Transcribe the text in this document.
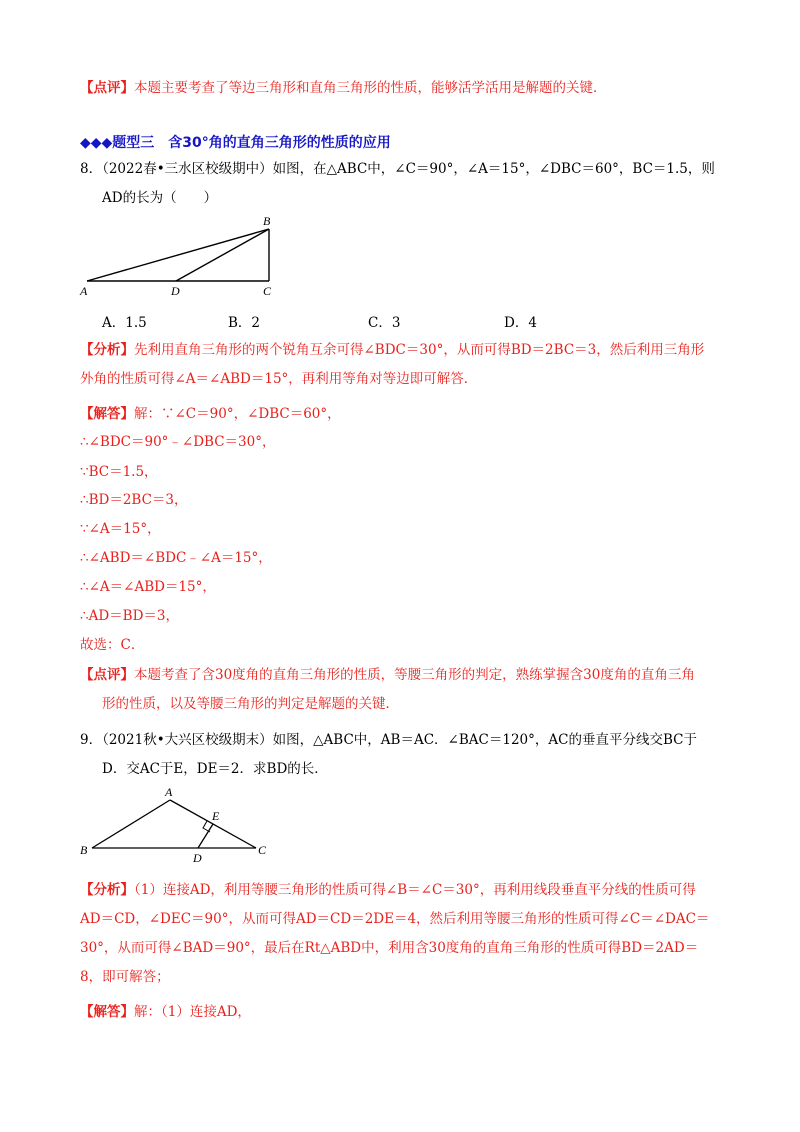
【点评】本题主要考查了等边三角形和直角三角形的性质，能够活学活用是解题的关键．
◆◆◆题型三　含30°角的直角三角形的性质的应用
8．（2022春•三水区校级期中）如图，在△ABC中，∠C＝90°，∠A＝15°，∠DBC＝60°，BC＝1.5，则
AD的长为（　　）
A
B
C
D
A．1.5	B．2	C．3	D．4
【分析】先利用直角三角形的两个锐角互余可得∠BDC＝30°，从而可得BD＝2BC＝3，然后利用三角形
外角的性质可得∠A＝∠ABD＝15°，再利用等角对等边即可解答．
【解答】解：∵∠C＝90°，∠DBC＝60°，
∴∠BDC＝90°﹣∠DBC＝30°，
∵BC＝1.5，
∴BD＝2BC＝3，
∵∠A＝15°，
∴∠ABD＝∠BDC﹣∠A＝15°，
∴∠A＝∠ABD＝15°，
∴AD＝BD＝3，
故选：C．
【点评】本题考查了含30度角的直角三角形的性质，等腰三角形的判定，熟练掌握含30度角的直角三角
形的性质，以及等腰三角形的判定是解题的关键．
9．（2021秋•大兴区校级期末）如图，△ABC中，AB＝AC．∠BAC＝120°，AC的垂直平分线交BC于
D．交AC于E，DE＝2．求BD的长．
A
B	C
D
E
【分析】（1）连接AD，利用等腰三角形的性质可得∠B＝∠C＝30°，再利用线段垂直平分线的性质可得
AD＝CD，∠DEC＝90°，从而可得AD＝CD＝2DE＝4，然后利用等腰三角形的性质可得∠C＝∠DAC＝
30°，从而可得∠BAD＝90°，最后在Rt△ABD中，利用含30度角的直角三角形的性质可得BD＝2AD＝
8，即可解答；
【解答】解：（1）连接AD，
